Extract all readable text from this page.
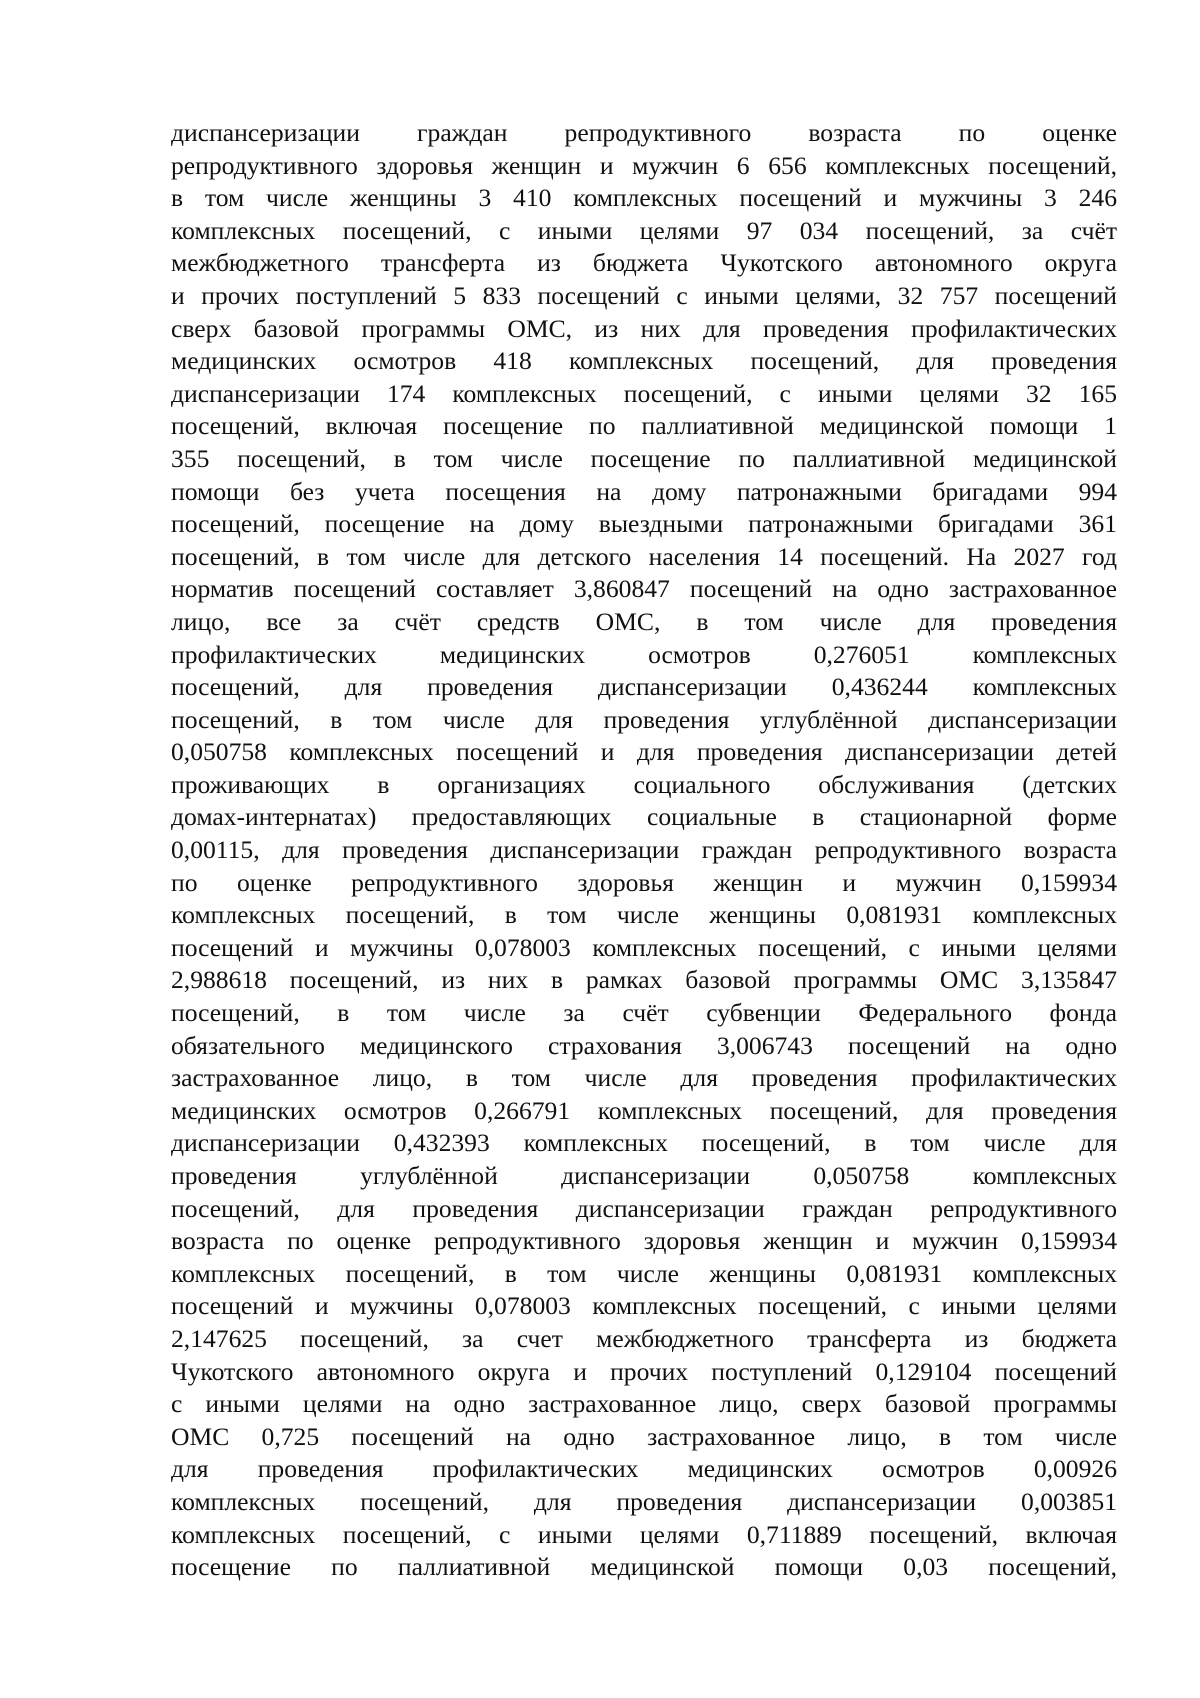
диспансеризации граждан репродуктивного возраста по оценке
репродуктивного здоровья женщин и мужчин 6 656 комплексных посещений,
в том числе женщины 3 410 комплексных посещений и мужчины 3 246
комплексных посещений, с иными целями 97 034 посещений, за счёт
межбюджетного трансферта из бюджета Чукотского автономного округа
и прочих поступлений 5 833 посещений с иными целями, 32 757 посещений
сверх базовой программы ОМС, из них для проведения профилактических
медицинских осмотров 418 комплексных посещений, для проведения
диспансеризации 174 комплексных посещений, с иными целями 32 165
посещений, включая посещение по паллиативной медицинской помощи 1
355 посещений, в том числе посещение по паллиативной медицинской
помощи без учета посещения на дому патронажными бригадами 994
посещений, посещение на дому выездными патронажными бригадами 361
посещений, в том числе для детского населения 14 посещений. На 2027 год
норматив посещений составляет 3,860847 посещений на одно застрахованное
лицо, все за счёт средств ОМС, в том числе для проведения
профилактических медицинских осмотров 0,276051 комплексных
посещений, для проведения диспансеризации 0,436244 комплексных
посещений, в том числе для проведения углублённой диспансеризации
0,050758 комплексных посещений и для проведения диспансеризации детей
проживающих в организациях социального обслуживания (детских
домах-интернатах) предоставляющих социальные в стационарной форме
0,00115, для проведения диспансеризации граждан репродуктивного возраста
по оценке репродуктивного здоровья женщин и мужчин 0,159934
комплексных посещений, в том числе женщины 0,081931 комплексных
посещений и мужчины 0,078003 комплексных посещений, с иными целями
2,988618 посещений, из них в рамках базовой программы ОМС 3,135847
посещений, в том числе за счёт субвенции Федерального фонда
обязательного медицинского страхования 3,006743 посещений на одно
застрахованное лицо, в том числе для проведения профилактических
медицинских осмотров 0,266791 комплексных посещений, для проведения
диспансеризации 0,432393 комплексных посещений, в том числе для
проведения углублённой диспансеризации 0,050758 комплексных
посещений, для проведения диспансеризации граждан репродуктивного
возраста по оценке репродуктивного здоровья женщин и мужчин 0,159934
комплексных посещений, в том числе женщины 0,081931 комплексных
посещений и мужчины 0,078003 комплексных посещений, с иными целями
2,147625 посещений, за счет межбюджетного трансферта из бюджета
Чукотского автономного округа и прочих поступлений 0,129104 посещений
с иными целями на одно застрахованное лицо, сверх базовой программы
ОМС 0,725 посещений на одно застрахованное лицо, в том числе
для проведения профилактических медицинских осмотров 0,00926
комплексных посещений, для проведения диспансеризации 0,003851
комплексных посещений, с иными целями 0,711889 посещений, включая
посещение по паллиативной медицинской помощи 0,03 посещений,
